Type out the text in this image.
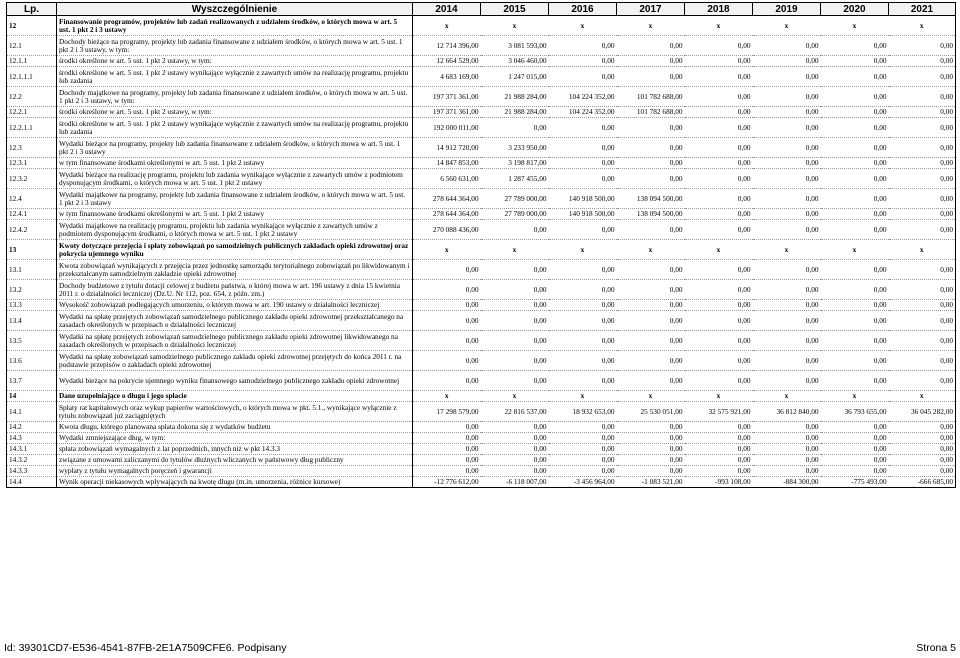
Lp.	Wyszczególnienie	2014	2015	2016	2017	2018	2019	2020	2021
12	Finansowanie programów, projektów lub zadań realizowanych z udziałem środków, o których mowa w art. 5 ust. 1 pkt 2 i 3 ustawy	x	x	x	x	x	x	x	x
12.1	Dochody bieżące na programy, projekty lub zadania finansowane z udziałem środków, o których mowa w art. 5 ust. 1 pkt 2 i 3 ustawy, w tym:	12 714 396,00	3 081 593,00	0,00	0,00	0,00	0,00	0,00	0,00
12.1.1	środki określone w art. 5 ust. 1 pkt 2 ustawy, w tym:	12 664 529,00	3 046 460,00	0,00	0,00	0,00	0,00	0,00	0,00
12.1.1.1	środki określone w art. 5 ust. 1 pkt 2 ustawy wynikające wyłącznie z zawartych umów na realizację programu, projektu lub zadania	4 683 169,00	1 247 015,00	0,00	0,00	0,00	0,00	0,00	0,00
12.2	Dochody majątkowe na programy, projekty lub zadania finansowane z udziałem środków, o których mowa w art. 5 ust. 1 pkt 2 i 3 ustawy, w tym:	197 371 361,00	21 988 284,00	104 224 352,00	101 782 688,00	0,00	0,00	0,00	0,00
12.2.1	środki określone w art. 5 ust. 1 pkt 2 ustawy, w tym:	197 371 361,00	21 988 284,00	104 224 352,00	101 782 688,00	0,00	0,00	0,00	0,00
12.2.1.1	środki określone w art. 5 ust. 1 pkt 2 ustawy wynikające wyłącznie z zawartych umów na realizację programu, projektu lub zadania	192 000 011,00	0,00	0,00	0,00	0,00	0,00	0,00	0,00
12.3	Wydatki bieżące na programy, projekty lub zadania finansowane z udziałem środków, o których mowa w art. 5 ust. 1 pkt 2 i 3 ustawy	14 912 720,00	3 233 950,00	0,00	0,00	0,00	0,00	0,00	0,00
12.3.1	w tym finansowane środkami określonymi w art. 5 ust. 1 pkt 2 ustawy	14 847 853,00	3 198 817,00	0,00	0,00	0,00	0,00	0,00	0,00
12.3.2	Wydatki bieżące na realizację programu, projektu lub zadania wynikające wyłącznie z zawartych umów z podmiotem dysponującym środkami, o których mowa w art. 5 ust. 1 pkt 2 ustawy	6 560 631,00	1 287 455,00	0,00	0,00	0,00	0,00	0,00	0,00
12.4	Wydatki majątkowe na programy, projekty lub zadania finansowane z udziałem środków, o których mowa w art. 5 ust. 1 pkt 2 i 3 ustawy	278 644 364,00	27 789 000,00	140 918 500,00	138 094 500,00	0,00	0,00	0,00	0,00
12.4.1	w tym finansowane środkami określonymi w art. 5 ust. 1 pkt 2 ustawy	278 644 364,00	27 789 000,00	140 918 500,00	138 094 500,00	0,00	0,00	0,00	0,00
12.4.2	Wydatki majątkowe na realizację programu, projektu lub zadania wynikające wyłącznie z zawartych umów z podmiotem dysponującym środkami, o których mowa w art. 5 ust. 1 pkt 2 ustawy	270 088 436,00	0,00	0,00	0,00	0,00	0,00	0,00	0,00
13	Kwoty dotyczące przejęcia i spłaty zobowiązań po samodzielnych publicznych zakładach opieki zdrowotnej oraz pokrycia ujemnego wyniku	x	x	x	x	x	x	x	x
13.1	Kwota zobowiązań wynikających z przejęcia przez jednostkę samorządu terytorialnego zobowiązań po likwidowanym i przekształcanym samodzielnym zakładzie opieki zdrowotnej	0,00	0,00	0,00	0,00	0,00	0,00	0,00	0,00
13.2	Dochody budżetowe z tytułu dotacji celowej z budżetu państwa, o której mowa w art. 196 ustawy z dnia 15 kwietnia 2011 r. o działalności leczniczej (Dz.U. Nr 112, poz. 654, z późn. zm.)	0,00	0,00	0,00	0,00	0,00	0,00	0,00	0,00
13.3	Wysokość zobowiązań podlegających umorzeniu, o którym mowa w art. 190 ustawy o działalności leczniczej	0,00	0,00	0,00	0,00	0,00	0,00	0,00	0,00
13.4	Wydatki na spłatę przejętych zobowiązań samodzielnego publicznego zakładu opieki zdrowotnej przekształcanego na zasadach określonych w przepisach o działalności leczniczej	0,00	0,00	0,00	0,00	0,00	0,00	0,00	0,00
13.5	Wydatki na spłatę przejętych zobowiązań samodzielnego publicznego zakładu opieki zdrowotnej likwidowanego na zasadach określonych w przepisach o działalności leczniczej	0,00	0,00	0,00	0,00	0,00	0,00	0,00	0,00
13.6	Wydatki na spłatę zobowiązań samodzielnego publicznego zakładu opieki zdrowotnej przejętych do końca 2011 r. na podstawie przepisów o zakładach opieki zdrowotnej	0,00	0,00	0,00	0,00	0,00	0,00	0,00	0,00
13.7	Wydatki bieżące na pokrycie ujemnego wyniku finansowego samodzielnego publicznego zakładu opieki zdrowotnej	0,00	0,00	0,00	0,00	0,00	0,00	0,00	0,00
14	Dane uzupełniające o długu i jego spłacie	x	x	x	x	x	x	x	x
14.1	Spłaty rat kapitałowych oraz wykup papierów wartościowych, o których mowa w pkt. 5.1., wynikające wyłącznie z tytułu zobowiązań już zaciągniętych	17 298 579,00	22 816 537,00	18 932 653,00	25 530 051,00	32 575 921,00	36 812 840,00	36 793 655,00	36 045 282,00
14.2	Kwota długu, którego planowana spłata dokona się z wydatków budżetu	0,00	0,00	0,00	0,00	0,00	0,00	0,00	0,00
14.3	Wydatki zmniejszające dług, w tym:	0,00	0,00	0,00	0,00	0,00	0,00	0,00	0,00
14.3.1	spłata zobowiązań wymagalnych z lat poprzednich, innych niż w pkt 14.3.3	0,00	0,00	0,00	0,00	0,00	0,00	0,00	0,00
14.3.2	związane z umowami zaliczanymi do tytułów dłużnych wliczanych w państwowy dług publiczny	0,00	0,00	0,00	0,00	0,00	0,00	0,00	0,00
14.3.3	wypłaty z tytułu wymagalnych poręczeń i gwarancji	0,00	0,00	0,00	0,00	0,00	0,00	0,00	0,00
14.4	Wynik operacji niekasowych wpływających na kwotę długu (m.in. umorzenia, różnice kursowe)	-12 776 612,00	-6 118 007,00	-3 456 964,00	-1 083 521,00	-993 108,00	-884 300,00	-775 493,00	-666 685,00
Id: 39301CD7-E536-4541-87FB-2E1A7509CFE6. Podpisany	Strona 5
